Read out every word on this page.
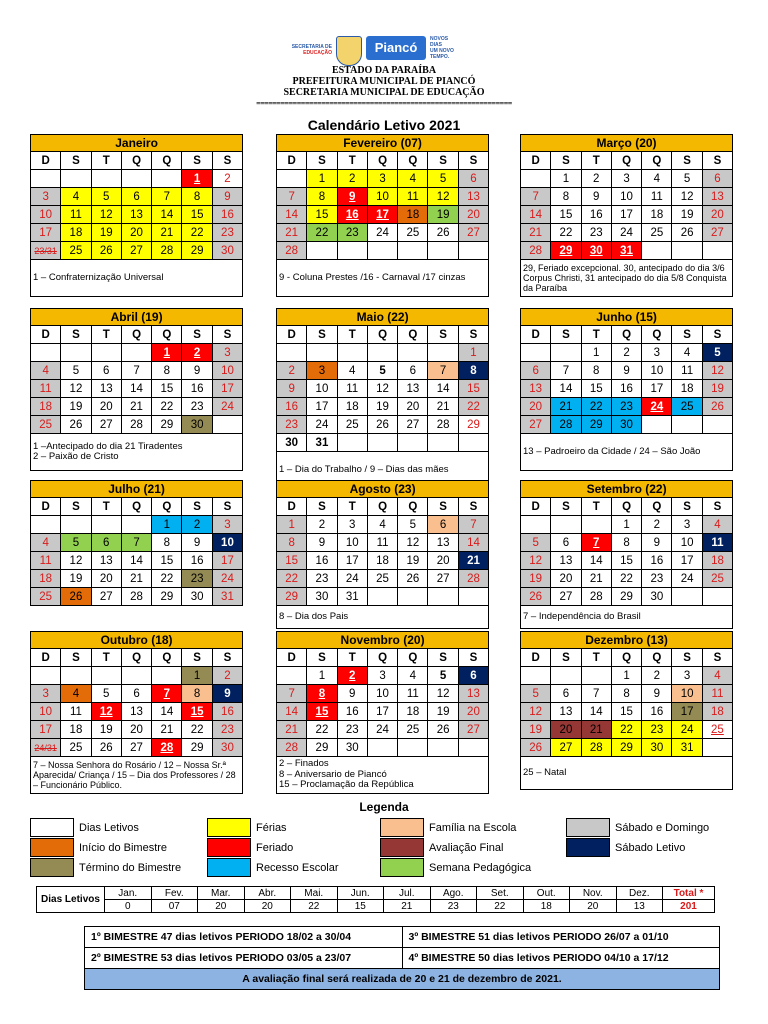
SECRETARIA DE
EDUCAÇÃO	Piancó
NOVOS
DIAS
UM NOVO
TEMPO.
ESTADO DA PARAÍBA
PREFEITURA MUNICIPAL DE PIANCÓ
SECRETARIA MUNICIPAL DE EDUCAÇÃO
===============================================================
Calendário Letivo 2021
Janeiro						
D	S	T	Q	Q	S	S
					1	2
3	4	5	6	7	8	9
10	11	12	13	14	15	16
17	18	19	20	21	22	23
23/31	25	26	27	28	29	30
1 – Confraternização Universal						
Fevereiro (07)						
D	S	T	Q	Q	S	S
	1	2	3	4	5	6
7	8	9	10	11	12	13
14	15	16	17	18	19	20
21	22	23	24	25	26	27
28						
9 - Coluna Prestes /16 - Carnaval /17 cinzas						
Março (20)						
D	S	T	Q	Q	S	S
	1	2	3	4	5	6
7	8	9	10	11	12	13
14	15	16	17	18	19	20
21	22	23	24	25	26	27
28	29	30	31			
29, Feriado excepcional. 30, antecipado do dia 3/6 Corpus Christi, 31 antecipado do dia 5/8 Conquista da Paraíba						
Abril (19)						
D	S	T	Q	Q	S	S
				1	2	3
4	5	6	7	8	9	10
11	12	13	14	15	16	17
18	19	20	21	22	23	24
25	26	27	28	29	30	
1 –Antecipado do dia 21 Tiradentes
2 – Paixão de Cristo						
Maio (22)						
D	S	T	Q	Q	S	S
						1
2	3	4	5	6	7	8
9	10	11	12	13	14	15
16	17	18	19	20	21	22
23	24	25	26	27	28	29
30	31					
1 – Dia do Trabalho / 9 – Dias das mães						
Junho (15)						
D	S	T	Q	Q	S	S
		1	2	3	4	5
6	7	8	9	10	11	12
13	14	15	16	17	18	19
20	21	22	23	24	25	26
27	28	29	30			
13 – Padroeiro da Cidade / 24 – São João						
Julho (21)						
D	S	T	Q	Q	S	S
				1	2	3
4	5	6	7	8	9	10
11	12	13	14	15	16	17
18	19	20	21	22	23	24
25	26	27	28	29	30	31
Agosto (23)						
D	S	T	Q	Q	S	S
1	2	3	4	5	6	7
8	9	10	11	12	13	14
15	16	17	18	19	20	21
22	23	24	25	26	27	28
29	30	31				
8 – Dia dos Pais						
Setembro (22)						
D	S	T	Q	Q	S	S
			1	2	3	4
5	6	7	8	9	10	11
12	13	14	15	16	17	18
19	20	21	22	23	24	25
26	27	28	29	30		
7 – Independência do Brasil						
Outubro (18)						
D	S	T	Q	Q	S	S
					1	2
3	4	5	6	7	8	9
10	11	12	13	14	15	16
17	18	19	20	21	22	23
24/31	25	26	27	28	29	30
7 – Nossa Senhora do Rosário / 12 – Nossa Sr.ª Aparecida/ Criança / 15 – Dia dos Professores / 28 – Funcionário Público.						
Novembro (20)						
D	S	T	Q	Q	S	S
	1	2	3	4	5	6
7	8	9	10	11	12	13
14	15	16	17	18	19	20
21	22	23	24	25	26	27
28	29	30				
2 – Finados
8 – Aniversario de Piancó
15 – Proclamação da República						
Dezembro (13)						
D	S	T	Q	Q	S	S
			1	2	3	4
5	6	7	8	9	10	11
12	13	14	15	16	17	18
19	20	21	22	23	24	25
26	27	28	29	30	31	
25 – Natal						
Legenda
Dias Letivos
Início do Bimestre
Término do Bimestre
Férias
Feriado
Recesso Escolar
Família na Escola
Avaliação Final
Semana Pedagógica
Sábado e Domingo
Sábado Letivo
Dias Letivos	Jan.	Fev.	Mar.	Abr.	Mai.	Jun.	Jul.	Ago.	Set.	Out.	Nov.	Dez.	Total *
	0	07	20	20	22	15	21	23	22	18	20	13	201
1º BIMESTRE 47 dias letivos PERIODO 18/02 a 30/04	3º BIMESTRE 51 dias letivos PERIODO 26/07 a 01/10
2º BIMESTRE 53 dias letivos PERIODO 03/05 a 23/07	4º BIMESTRE 50 dias letivos PERIODO 04/10 a 17/12
A avaliação final será realizada de 20 e 21 de dezembro de 2021.	
